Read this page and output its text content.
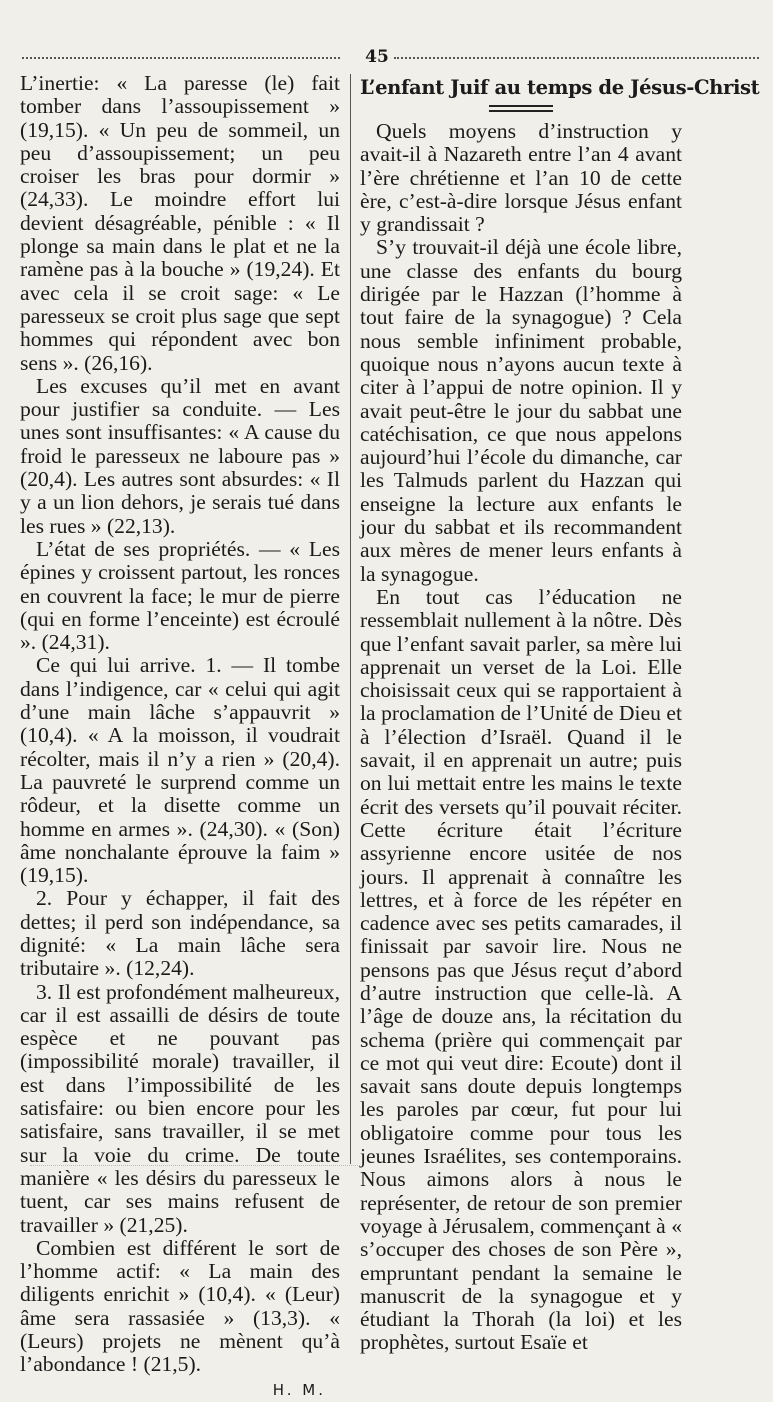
45

L’inertie: « La paresse (le) fait tomber dans l’assoupissement » (19,15). « Un peu de sommeil, un peu d’assoupissement; un peu croiser les bras pour dormir » (24,33). Le moindre effort lui devient désagréable, pénible : « Il plonge sa main dans le plat et ne la ramène pas à la bouche » (19,24). Et avec cela il se croit sage: « Le paresseux se croit plus sage que sept hommes qui répondent avec bon sens ». (26,16).

Les excuses qu’il met en avant pour justifier sa conduite. — Les unes sont insuffisantes: « A cause du froid le paresseux ne laboure pas » (20,4). Les autres sont absurdes: « Il y a un lion dehors, je serais tué dans les rues » (22,13).

L’état de ses propriétés. — « Les épines y croissent partout, les ronces en couvrent la face; le mur de pierre (qui en forme l’enceinte) est écroulé ». (24,31).

Ce qui lui arrive. 1. — Il tombe dans l’indigence, car « celui qui agit d’une main lâche s’appauvrit » (10,4). « A la moisson, il voudrait récolter, mais il n’y a rien » (20,4). La pauvreté le surprend comme un rôdeur, et la disette comme un homme en armes ». (24,30). « (Son) âme nonchalante éprouve la faim » (19,15).

2. Pour y échapper, il fait des dettes; il perd son indépendance, sa dignité: « La main lâche sera tributaire ». (12,24).

3. Il est profondément malheureux, car il est assailli de désirs de toute espèce et ne pouvant pas (impossibilité morale) travailler, il est dans l’impossibilité de les satisfaire: ou bien encore pour les satisfaire, sans travailler, il se met sur la voie du crime. De toute manière « les désirs du paresseux le tuent, car ses mains refusent de travailler » (21,25).

Combien est différent le sort de l’homme actif: « La main des diligents enrichit » (10,4). « (Leur) âme sera rassasiée » (13,3). « (Leurs) projets ne mènent qu’à l’abondance ! (21,5).

H. M.
L’enfant Juif au temps de Jésus-Christ

Quels moyens d’instruction y avait-il à Nazareth entre l’an 4 avant l’ère chrétienne et l’an 10 de cette ère, c’est-à-dire lorsque Jésus enfant y grandissait ?

S’y trouvait-il déjà une école libre, une classe des enfants du bourg dirigée par le Hazzan (l’homme à tout faire de la synagogue) ? Cela nous semble infiniment probable, quoique nous n’ayons aucun texte à citer à l’appui de notre opinion. Il y avait peut-être le jour du sabbat une catéchisation, ce que nous appelons aujourd’hui l’école du dimanche, car les Talmuds parlent du Hazzan qui enseigne la lecture aux enfants le jour du sabbat et ils recommandent aux mères de mener leurs enfants à la synagogue.

En tout cas l’éducation ne ressemblait nullement à la nôtre. Dès que l’enfant savait parler, sa mère lui apprenait un verset de la Loi. Elle choisissait ceux qui se rapportaient à la proclamation de l’Unité de Dieu et à l’élection d’Israël. Quand il le savait, il en apprenait un autre; puis on lui mettait entre les mains le texte écrit des versets qu’il pouvait réciter. Cette écriture était l’écriture assyrienne encore usitée de nos jours. Il apprenait à connaître les lettres, et à force de les répéter en cadence avec ses petits camarades, il finissait par savoir lire. Nous ne pensons pas que Jésus reçut d’abord d’autre instruction que celle-là. A l’âge de douze ans, la récitation du schema (prière qui commençait par ce mot qui veut dire: Ecoute) dont il savait sans doute depuis longtemps les paroles par cœur, fut pour lui obligatoire comme pour tous les jeunes Israélites, ses contemporains. Nous aimons alors à nous le représenter, de retour de son premier voyage à Jérusalem, commençant à « s’occuper des choses de son Père », empruntant pendant la semaine le manuscrit de la synagogue et y étudiant la Thorah (la loi) et les prophètes, surtout Esaïe et
